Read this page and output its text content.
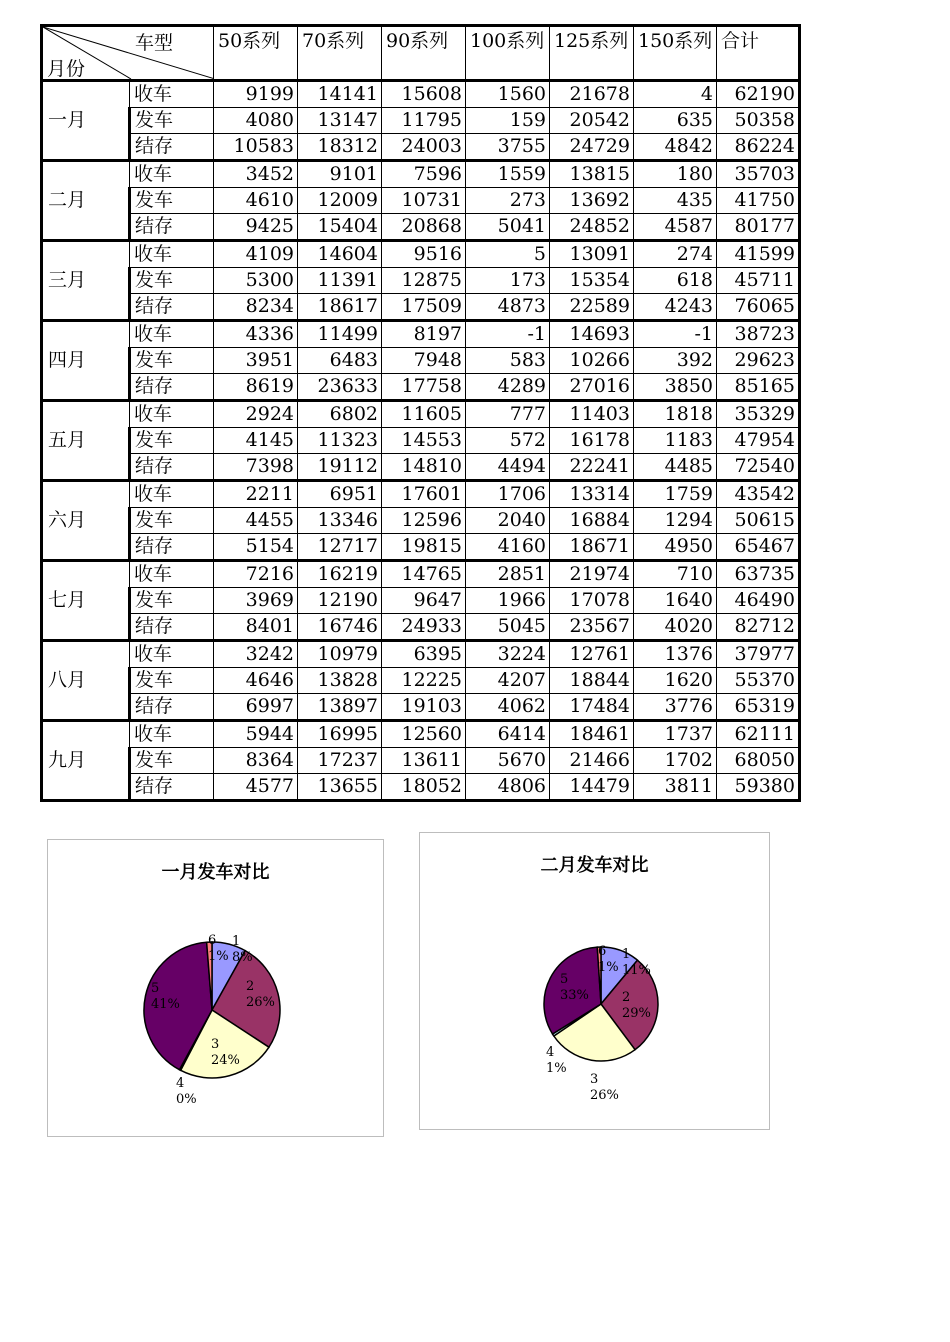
车型
月份		50系列	70系列	90系列	100系列	125系列	150系列	合计
一月	收车	9199	14141	15608	1560	21678	4	62190
	发车	4080	13147	11795	159	20542	635	50358
	结存	10583	18312	24003	3755	24729	4842	86224
二月	收车	3452	9101	7596	1559	13815	180	35703
	发车	4610	12009	10731	273	13692	435	41750
	结存	9425	15404	20868	5041	24852	4587	80177
三月	收车	4109	14604	9516	5	13091	274	41599
	发车	5300	11391	12875	173	15354	618	45711
	结存	8234	18617	17509	4873	22589	4243	76065
四月	收车	4336	11499	8197	-1	14693	-1	38723
	发车	3951	6483	7948	583	10266	392	29623
	结存	8619	23633	17758	4289	27016	3850	85165
五月	收车	2924	6802	11605	777	11403	1818	35329
	发车	4145	11323	14553	572	16178	1183	47954
	结存	7398	19112	14810	4494	22241	4485	72540
六月	收车	2211	6951	17601	1706	13314	1759	43542
	发车	4455	13346	12596	2040	16884	1294	50615
	结存	5154	12717	19815	4160	18671	4950	65467
七月	收车	7216	16219	14765	2851	21974	710	63735
	发车	3969	12190	9647	1966	17078	1640	46490
	结存	8401	16746	24933	5045	23567	4020	82712
八月	收车	3242	10979	6395	3224	12761	1376	37977
	发车	4646	13828	12225	4207	18844	1620	55370
	结存	6997	13897	19103	4062	17484	3776	65319
九月	收车	5944	16995	12560	6414	18461	1737	62111
	发车	8364	17237	13611	5670	21466	1702	68050
	结存	4577	13655	18052	4806	14479	3811	59380
一月发车对比
1
8%
2
26%
3
24%
4
0%
5
41%
6
1%
二月发车对比
1
11%
2
29%
3
26%
4
1%
5
33%
6
1%
